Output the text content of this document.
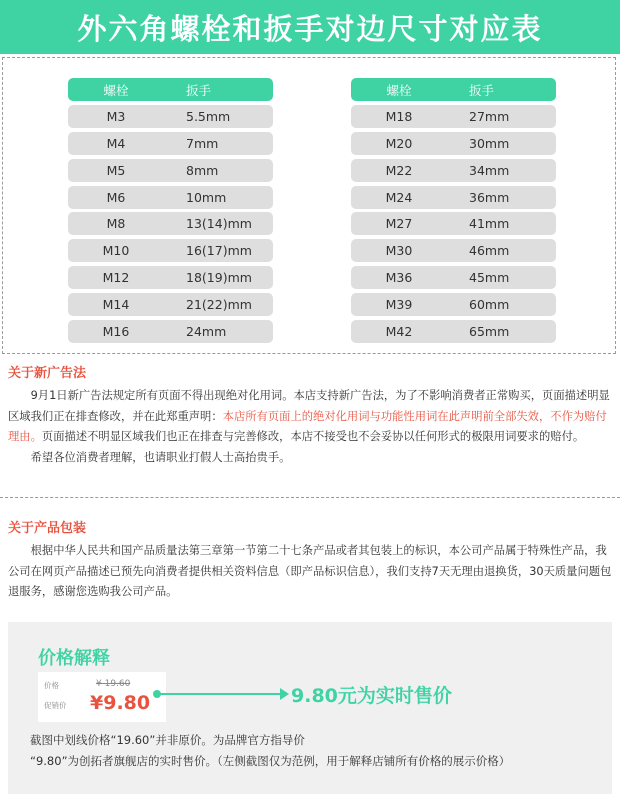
外六角螺栓和扳手对边尺寸对应表
螺栓	扳手
M3	5.5mm
M4	7mm
M5	8mm
M6	10mm
M8	13(14)mm
M10	16(17)mm
M12	18(19)mm
M14	21(22)mm
M16	24mm
螺栓	扳手
M18	27mm
M20	30mm
M22	34mm
M24	36mm
M27	41mm
M30	46mm
M36	45mm
M39	60mm
M42	65mm
关于新广告法
9月1日新广告法规定所有页面不得出现绝对化用词。本店支持新广告法，为了不影响消费者正常购买，页面描述明显区域我们正在排查修改，并在此郑重声明：本店所有页面上的绝对化用词与功能性用词在此声明前全部失效，不作为赔付理由。页面描述不明显区域我们也正在排查与完善修改，本店不接受也不会妥协以任何形式的极限用词要求的赔付。
希望各位消费者理解，也请职业打假人士高抬贵手。
关于产品包装
根据中华人民共和国产品质量法第三章第一节第二十七条产品或者其包装上的标识，本公司产品属于特殊性产品，我公司在网页产品描述已预先向消费者提供相关资料信息（即产品标识信息），我们支持7天无理由退换货，30天质量问题包退服务，感谢您选购我公司产品。
价格解释
价格	¥ 19.60
促销价 ¥9.80	9.80元为实时售价
截图中划线价格“19.60”并非原价。为品牌官方指导价
“9.80”为创拓者旗舰店的实时售价。（左侧截图仅为范例，用于解释店铺所有价格的展示价格）
